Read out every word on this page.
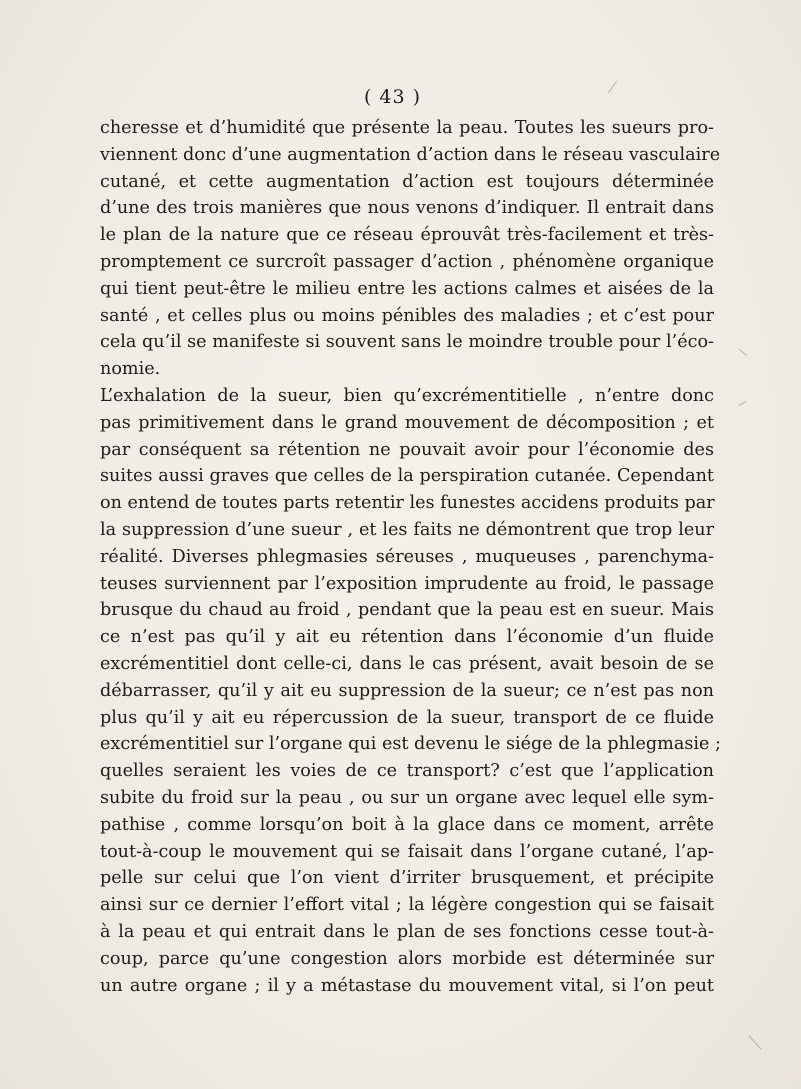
( 43 )
cheresse et d’humidité que présente la peau. Toutes les sueurs pro-
viennent donc d’une augmentation d’action dans le réseau vasculaire
cutané, et cette augmentation d’action est toujours déterminée
d’une des trois manières que nous venons d’indiquer. Il entrait dans
le plan de la nature que ce réseau éprouvât très-facilement et très-
promptement ce surcroît passager d’action , phénomène organique
qui tient peut-être le milieu entre les actions calmes et aisées de la
santé , et celles plus ou moins pénibles des maladies ; et c’est pour
cela qu’il se manifeste si souvent sans le moindre trouble pour l’éco-
nomie.
L’exhalation de la sueur, bien qu’excrémentitielle , n’entre donc
pas primitivement dans le grand mouvement de décomposition ; et
par conséquent sa rétention ne pouvait avoir pour l’économie des
suites aussi graves que celles de la perspiration cutanée. Cependant
on entend de toutes parts retentir les funestes accidens produits par
la suppression d’une sueur , et les faits ne démontrent que trop leur
réalité. Diverses phlegmasies séreuses , muqueuses , parenchyma-
teuses surviennent par l’exposition imprudente au froid, le passage
brusque du chaud au froid , pendant que la peau est en sueur. Mais
ce n’est pas qu’il y ait eu rétention dans l’économie d’un fluide
excrémentitiel dont celle-ci, dans le cas présent, avait besoin de se
débarrasser, qu’il y ait eu suppression de la sueur; ce n’est pas non
plus qu’il y ait eu répercussion de la sueur, transport de ce fluide
excrémentitiel sur l’organe qui est devenu le siége de la phlegmasie ;
quelles seraient les voies de ce transport? c’est que l’application
subite du froid sur la peau , ou sur un organe avec lequel elle sym-
pathise , comme lorsqu’on boit à la glace dans ce moment, arrête
tout-à-coup le mouvement qui se faisait dans l’organe cutané, l’ap-
pelle sur celui que l’on vient d’irriter brusquement, et précipite
ainsi sur ce dernier l’effort vital ; la légère congestion qui se faisait
à la peau et qui entrait dans le plan de ses fonctions cesse tout-à-
coup, parce qu’une congestion alors morbide est déterminée sur
un autre organe ; il y a métastase du mouvement vital, si l’on peut
